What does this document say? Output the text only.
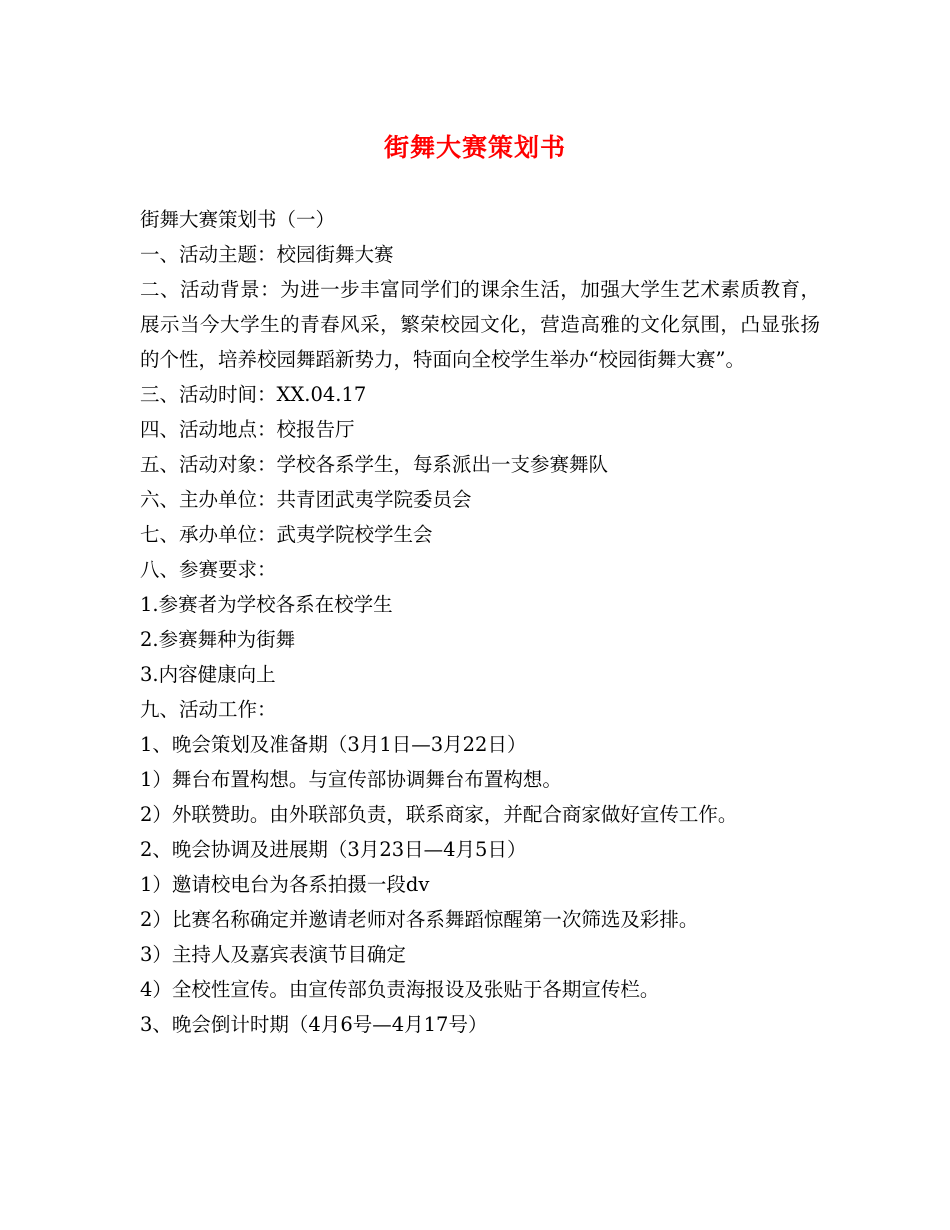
街舞大赛策划书
街舞大赛策划书（一）
一、活动主题：校园街舞大赛
二、活动背景：为进一步丰富同学们的课余生活，加强大学生艺术素质教育，展示当今大学生的青春风采，繁荣校园文化，营造高雅的文化氛围，凸显张扬的个性，培养校园舞蹈新势力，特面向全校学生举办“校园街舞大赛”。
三、活动时间：XX.04.17
四、活动地点：校报告厅
五、活动对象：学校各系学生，每系派出一支参赛舞队
六、主办单位：共青团武夷学院委员会
七、承办单位：武夷学院校学生会
八、参赛要求：
1.参赛者为学校各系在校学生
2.参赛舞种为街舞
3.内容健康向上
九、活动工作：
1、晚会策划及准备期（3月1日—3月22日）
1）舞台布置构想。与宣传部协调舞台布置构想。
2）外联赞助。由外联部负责，联系商家，并配合商家做好宣传工作。
2、晚会协调及进展期（3月23日—4月5日）
1）邀请校电台为各系拍摄一段dv
2）比赛名称确定并邀请老师对各系舞蹈惊醒第一次筛选及彩排。
3）主持人及嘉宾表演节目确定
4）全校性宣传。由宣传部负责海报设及张贴于各期宣传栏。
3、晚会倒计时期（4月6号—4月17号）
